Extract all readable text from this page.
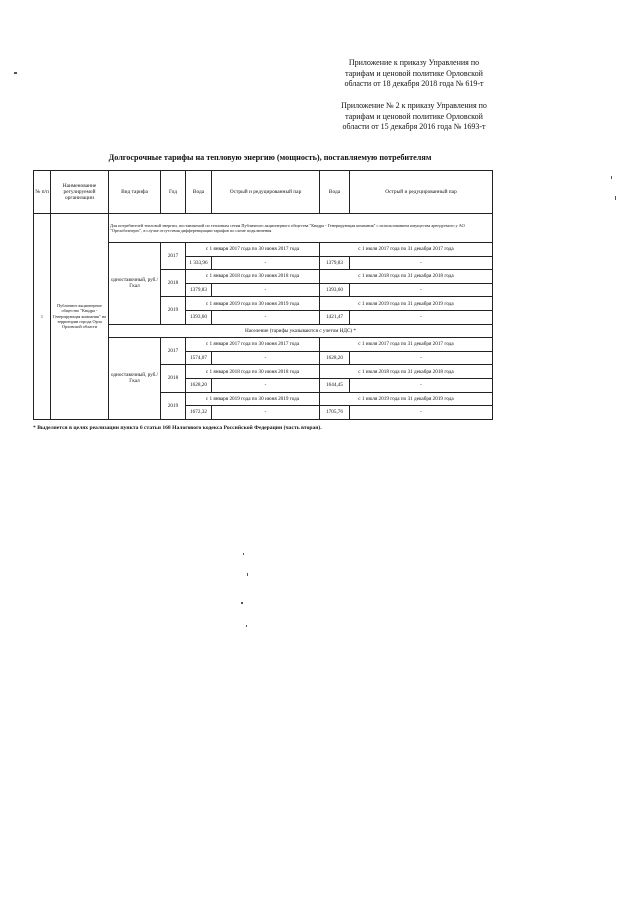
Приложение к приказу Управления по
тарифам и ценовой политике Орловской
области от 18 декабря 2018 года № 619-т
Приложение № 2 к приказу Управления по
тарифам и ценовой политике Орловской
области от 15 декабря 2016 года № 1693-т
Долгосрочные тарифы на тепловую энергию (мощность), поставляемую потребителям
№ п/п	Наименование регулируемой организации	Вид тарифа	Год	Вода	Острый и редуцированный пар	Вода	Острый и редуцированный пар
1	Публичное акционерное общество "Квадра - Генерирующая компания" на территории города Орла Орловской области	Для потребителей тепловой энергии, поставляемой по тепловым сетям Публичного акционерного общества "Квадра - Генерирующая компания" с использованием имущества арендуемого у АО "Орелоблэнерго", в случае отсутствия дифференциации тарифов по схеме подключения					
		одноставочный, руб./Гкал	2017	с 1 января 2017 года по 30 июня 2017 года		с 1 июля 2017 года по 31 декабря 2017 года	
				1 333,96	-	1379,83	-
			2018	с 1 января 2018 года по 30 июня 2018 года		с 1 июля 2018 года по 31 декабря 2018 года	
				1379,83	-	1393,60	-
			2019	с 1 января 2019 года по 30 июня 2019 года		с 1 июля 2019 года по 31 декабря 2019 года	
				1393,60	-	1421,47	-
		Население (тарифы указываются с учетом НДС) *					
		одноставочный, руб./Гкал	2017	с 1 января 2017 года по 30 июня 2017 года		с 1 июля 2017 года по 31 декабря 2017 года	
				1574,07	-	1628,20	-
			2018	с 1 января 2018 года по 30 июня 2018 года		с 1 июля 2018 года по 31 декабря 2018 года	
				1628,20	-	1644,45	-
			2019	с 1 января 2019 года по 30 июня 2019 года		с 1 июля 2019 года по 31 декабря 2019 года	
				1672,32	-	1705,76	-
* Выделяется в целях реализации пункта 6 статьи 168 Налогового кодекса Российской Федерации (часть вторая).
